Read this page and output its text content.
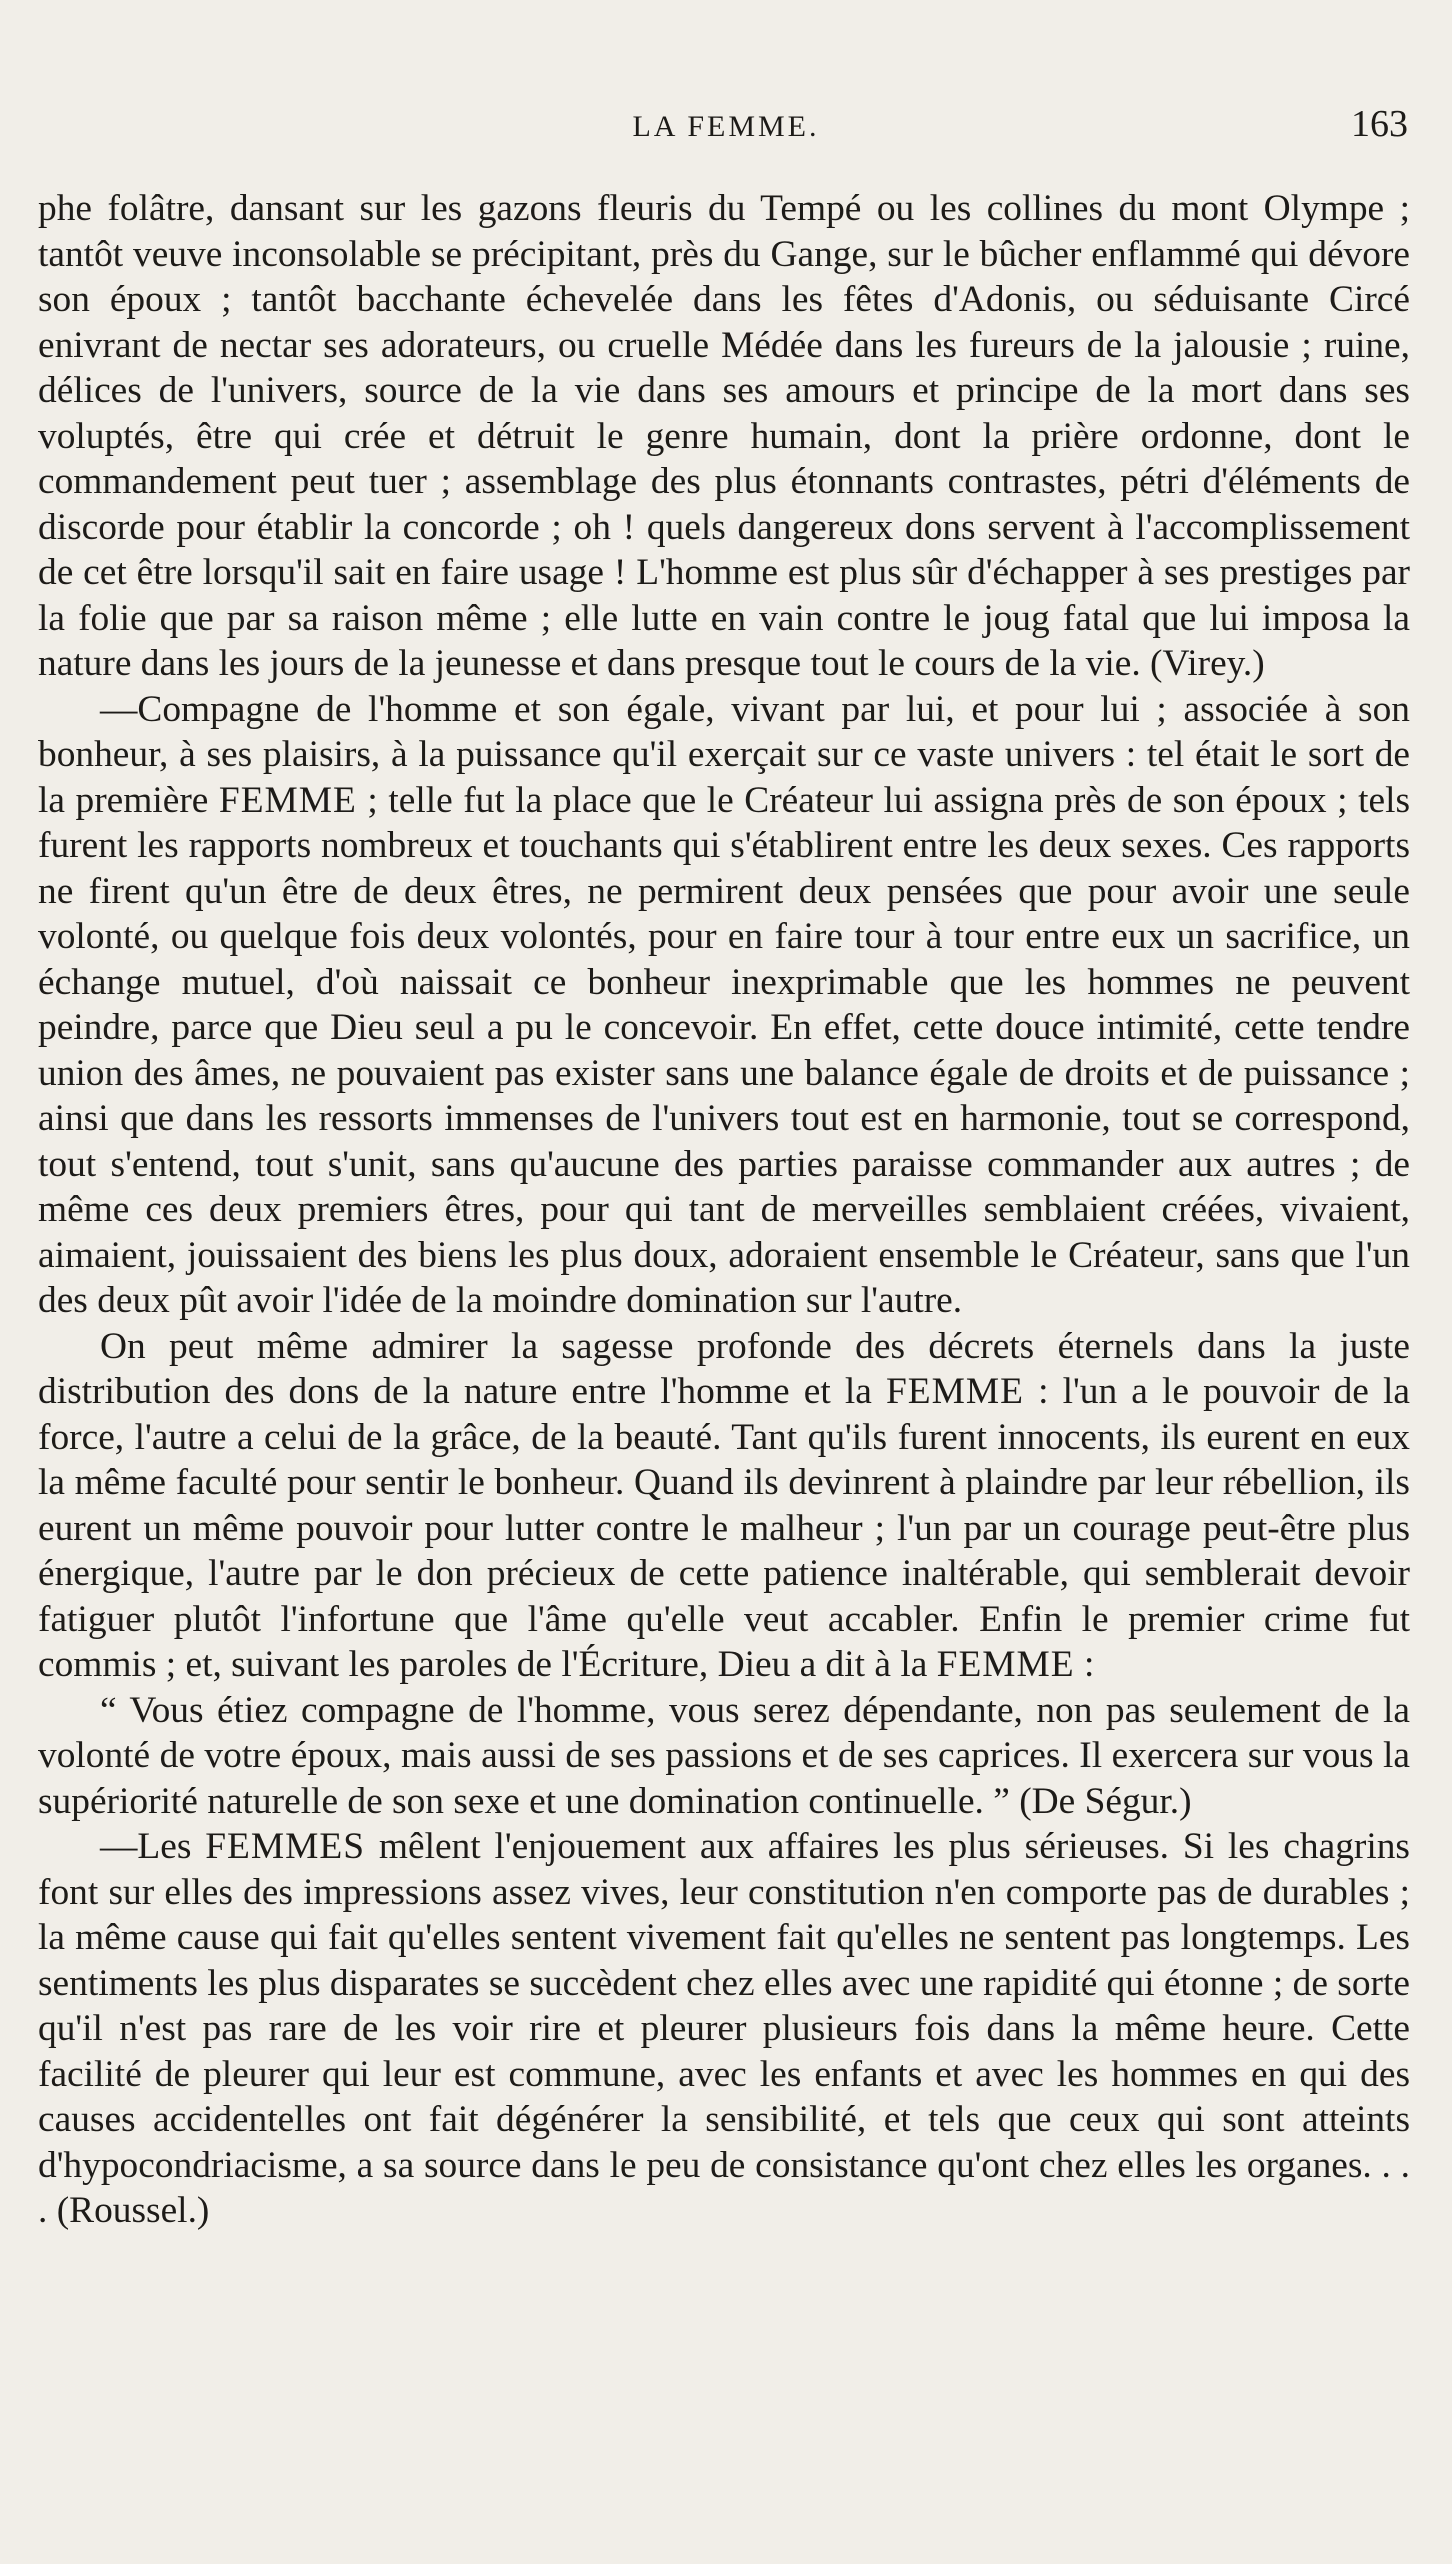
LA FEMME.	163

phe folâtre, dansant sur les gazons fleuris du Tempé ou les collines du mont Olympe ; tantôt veuve inconsolable se précipitant, près du Gange, sur le bûcher enflammé qui dévore son époux ; tantôt bacchante échevelée dans les fêtes d'Adonis, ou séduisante Circé enivrant de nectar ses adorateurs, ou cruelle Médée dans les fureurs de la jalousie ; ruine, délices de l'univers, source de la vie dans ses amours et principe de la mort dans ses voluptés, être qui crée et détruit le genre humain, dont la prière ordonne, dont le commandement peut tuer ; assemblage des plus étonnants contrastes, pétri d'éléments de discorde pour établir la concorde ; oh ! quels dangereux dons servent à l'accomplissement de cet être lorsqu'il sait en faire usage ! L'homme est plus sûr d'échapper à ses prestiges par la folie que par sa raison même ; elle lutte en vain contre le joug fatal que lui imposa la nature dans les jours de la jeunesse et dans presque tout le cours de la vie. (Virey.)

—Compagne de l'homme et son égale, vivant par lui, et pour lui ; associée à son bonheur, à ses plaisirs, à la puissance qu'il exerçait sur ce vaste univers : tel était le sort de la première FEMME ; telle fut la place que le Créateur lui assigna près de son époux ; tels furent les rapports nombreux et touchants qui s'établirent entre les deux sexes. Ces rapports ne firent qu'un être de deux êtres, ne permirent deux pensées que pour avoir une seule volonté, ou quelque fois deux volontés, pour en faire tour à tour entre eux un sacrifice, un échange mutuel, d'où naissait ce bonheur inexprimable que les hommes ne peuvent peindre, parce que Dieu seul a pu le concevoir. En effet, cette douce intimité, cette tendre union des âmes, ne pouvaient pas exister sans une balance égale de droits et de puissance ; ainsi que dans les ressorts immenses de l'univers tout est en harmonie, tout se correspond, tout s'entend, tout s'unit, sans qu'aucune des parties paraisse commander aux autres ; de même ces deux premiers êtres, pour qui tant de merveilles semblaient créées, vivaient, aimaient, jouissaient des biens les plus doux, adoraient ensemble le Créateur, sans que l'un des deux pût avoir l'idée de la moindre domination sur l'autre.

On peut même admirer la sagesse profonde des décrets éternels dans la juste distribution des dons de la nature entre l'homme et la FEMME : l'un a le pouvoir de la force, l'autre a celui de la grâce, de la beauté. Tant qu'ils furent innocents, ils eurent en eux la même faculté pour sentir le bonheur. Quand ils devinrent à plaindre par leur rébellion, ils eurent un même pouvoir pour lutter contre le malheur ; l'un par un courage peut-être plus énergique, l'autre par le don précieux de cette patience inaltérable, qui semblerait devoir fatiguer plutôt l'infortune que l'âme qu'elle veut accabler. Enfin le premier crime fut commis ; et, suivant les paroles de l'Écriture, Dieu a dit à la FEMME :

“ Vous étiez compagne de l'homme, vous serez dépendante, non pas seulement de la volonté de votre époux, mais aussi de ses passions et de ses caprices. Il exercera sur vous la supériorité naturelle de son sexe et une domination continuelle. ” (De Ségur.)

—Les FEMMES mêlent l'enjouement aux affaires les plus sérieuses. Si les chagrins font sur elles des impressions assez vives, leur constitution n'en comporte pas de durables ; la même cause qui fait qu'elles sentent vivement fait qu'elles ne sentent pas longtemps. Les sentiments les plus disparates se succèdent chez elles avec une rapidité qui étonne ; de sorte qu'il n'est pas rare de les voir rire et pleurer plusieurs fois dans la même heure. Cette facilité de pleurer qui leur est commune, avec les enfants et avec les hommes en qui des causes accidentelles ont fait dégénérer la sensibilité, et tels que ceux qui sont atteints d'hypocondriacisme, a sa source dans le peu de consistance qu'ont chez elles les organes. . . . (Roussel.)
